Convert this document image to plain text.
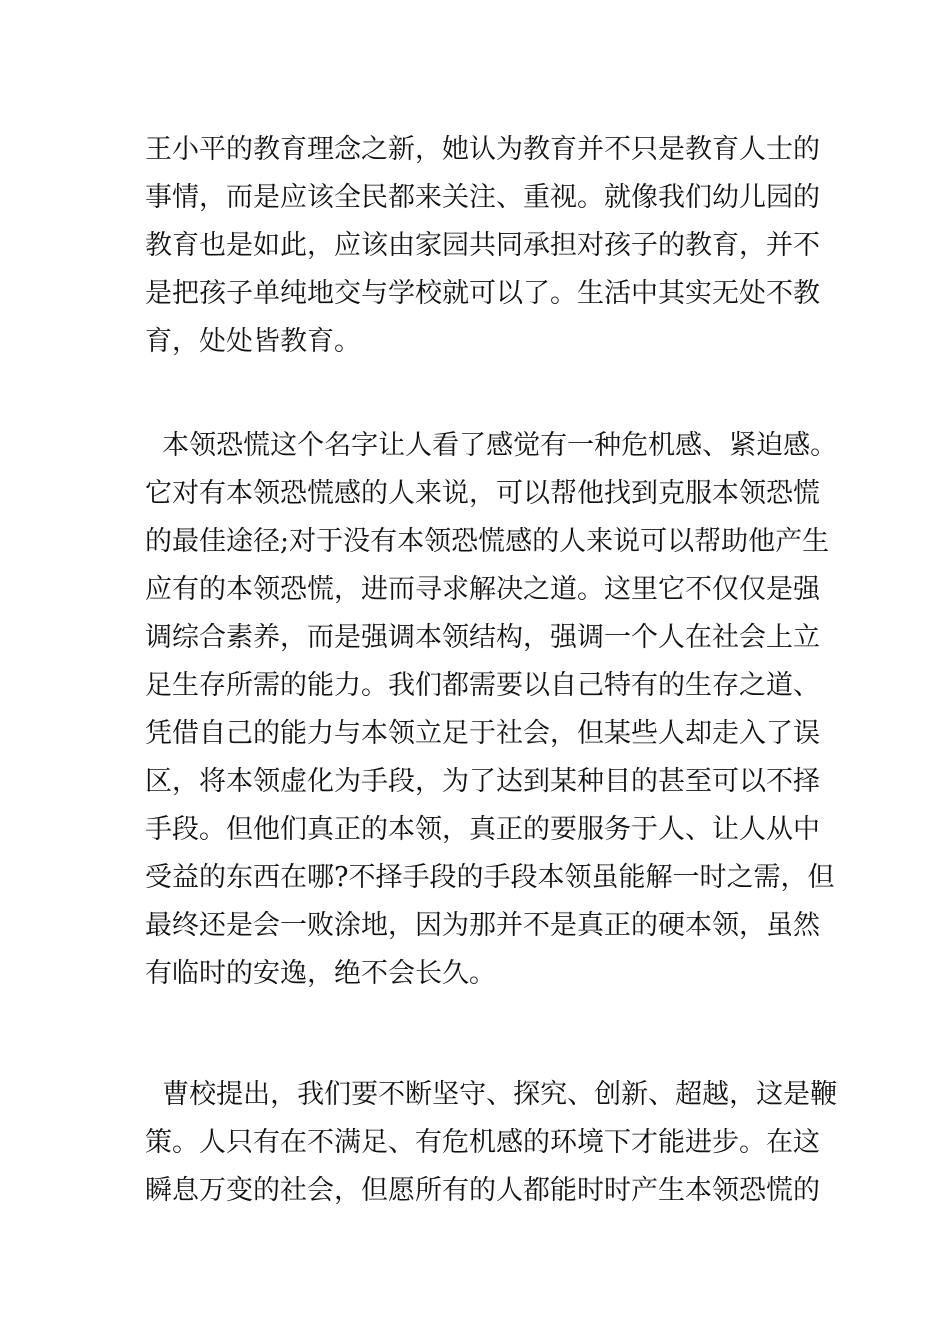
王小平的教育理念之新，她认为教育并不只是教育人士的
事情，而是应该全民都来关注、重视。就像我们幼儿园的
教育也是如此，应该由家园共同承担对孩子的教育，并不
是把孩子单纯地交与学校就可以了。生活中其实无处不教
育，处处皆教育。
本领恐慌这个名字让人看了感觉有一种危机感、紧迫感。
它对有本领恐慌感的人来说，可以帮他找到克服本领恐慌
的最佳途径;对于没有本领恐慌感的人来说可以帮助他产生
应有的本领恐慌，进而寻求解决之道。这里它不仅仅是强
调综合素养，而是强调本领结构，强调一个人在社会上立
足生存所需的能力。我们都需要以自己特有的生存之道、
凭借自己的能力与本领立足于社会，但某些人却走入了误
区，将本领虚化为手段，为了达到某种目的甚至可以不择
手段。但他们真正的本领，真正的要服务于人、让人从中
受益的东西在哪?不择手段的手段本领虽能解一时之需，但
最终还是会一败涂地，因为那并不是真正的硬本领，虽然
有临时的安逸，绝不会长久。
曹校提出，我们要不断坚守、探究、创新、超越，这是鞭
策。人只有在不满足、有危机感的环境下才能进步。在这
瞬息万变的社会，但愿所有的人都能时时产生本领恐慌的
